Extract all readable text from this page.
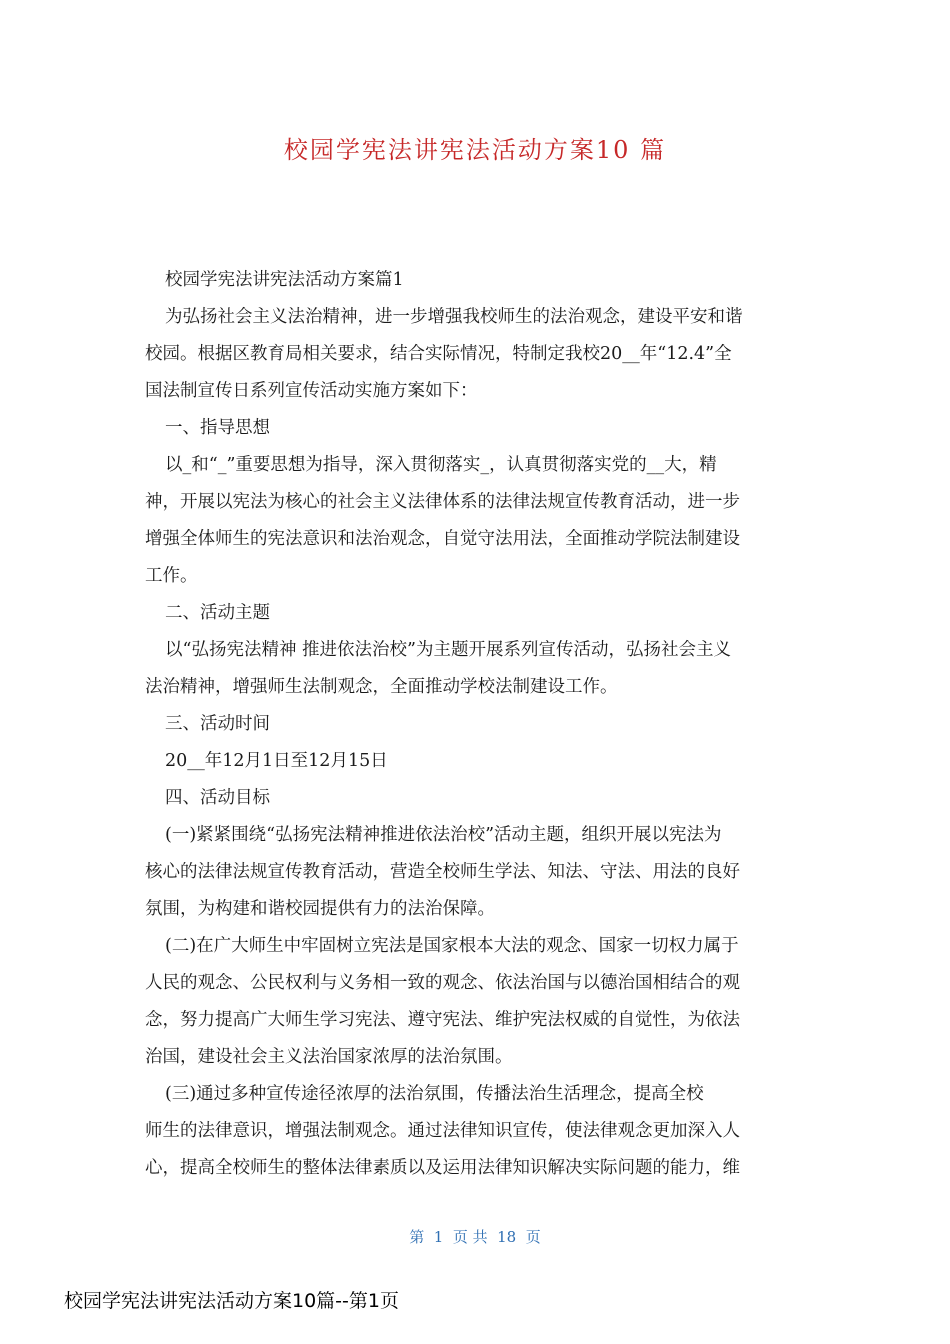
校园学宪法讲宪法活动方案10 篇
校园学宪法讲宪法活动方案篇1
为弘扬社会主义法治精神，进一步增强我校师生的法治观念，建设平安和谐
校园。根据区教育局相关要求，结合实际情况，特制定我校20__年“12.4”全
国法制宣传日系列宣传活动实施方案如下：
一、指导思想
以_和“_”重要思想为指导，深入贯彻落实_，认真贯彻落实党的__大，精
神，开展以宪法为核心的社会主义法律体系的法律法规宣传教育活动，进一步
增强全体师生的宪法意识和法治观念，自觉守法用法，全面推动学院法制建设
工作。
二、活动主题
以“弘扬宪法精神 推进依法治校”为主题开展系列宣传活动，弘扬社会主义
法治精神，增强师生法制观念，全面推动学校法制建设工作。
三、活动时间
20__年12月1日至12月15日
四、活动目标
(一)紧紧围绕“弘扬宪法精神推进依法治校”活动主题，组织开展以宪法为
核心的法律法规宣传教育活动，营造全校师生学法、知法、守法、用法的良好
氛围，为构建和谐校园提供有力的法治保障。
(二)在广大师生中牢固树立宪法是国家根本大法的观念、国家一切权力属于
人民的观念、公民权利与义务相一致的观念、依法治国与以德治国相结合的观
念，努力提高广大师生学习宪法、遵守宪法、维护宪法权威的自觉性，为依法
治国，建设社会主义法治国家浓厚的法治氛围。
(三)通过多种宣传途径浓厚的法治氛围，传播法治生活理念，提高全校
师生的法律意识，增强法制观念。通过法律知识宣传，使法律观念更加深入人
心，提高全校师生的整体法律素质以及运用法律知识解决实际问题的能力，维
第  1  页 共  18  页
校园学宪法讲宪法活动方案10篇--第1页
